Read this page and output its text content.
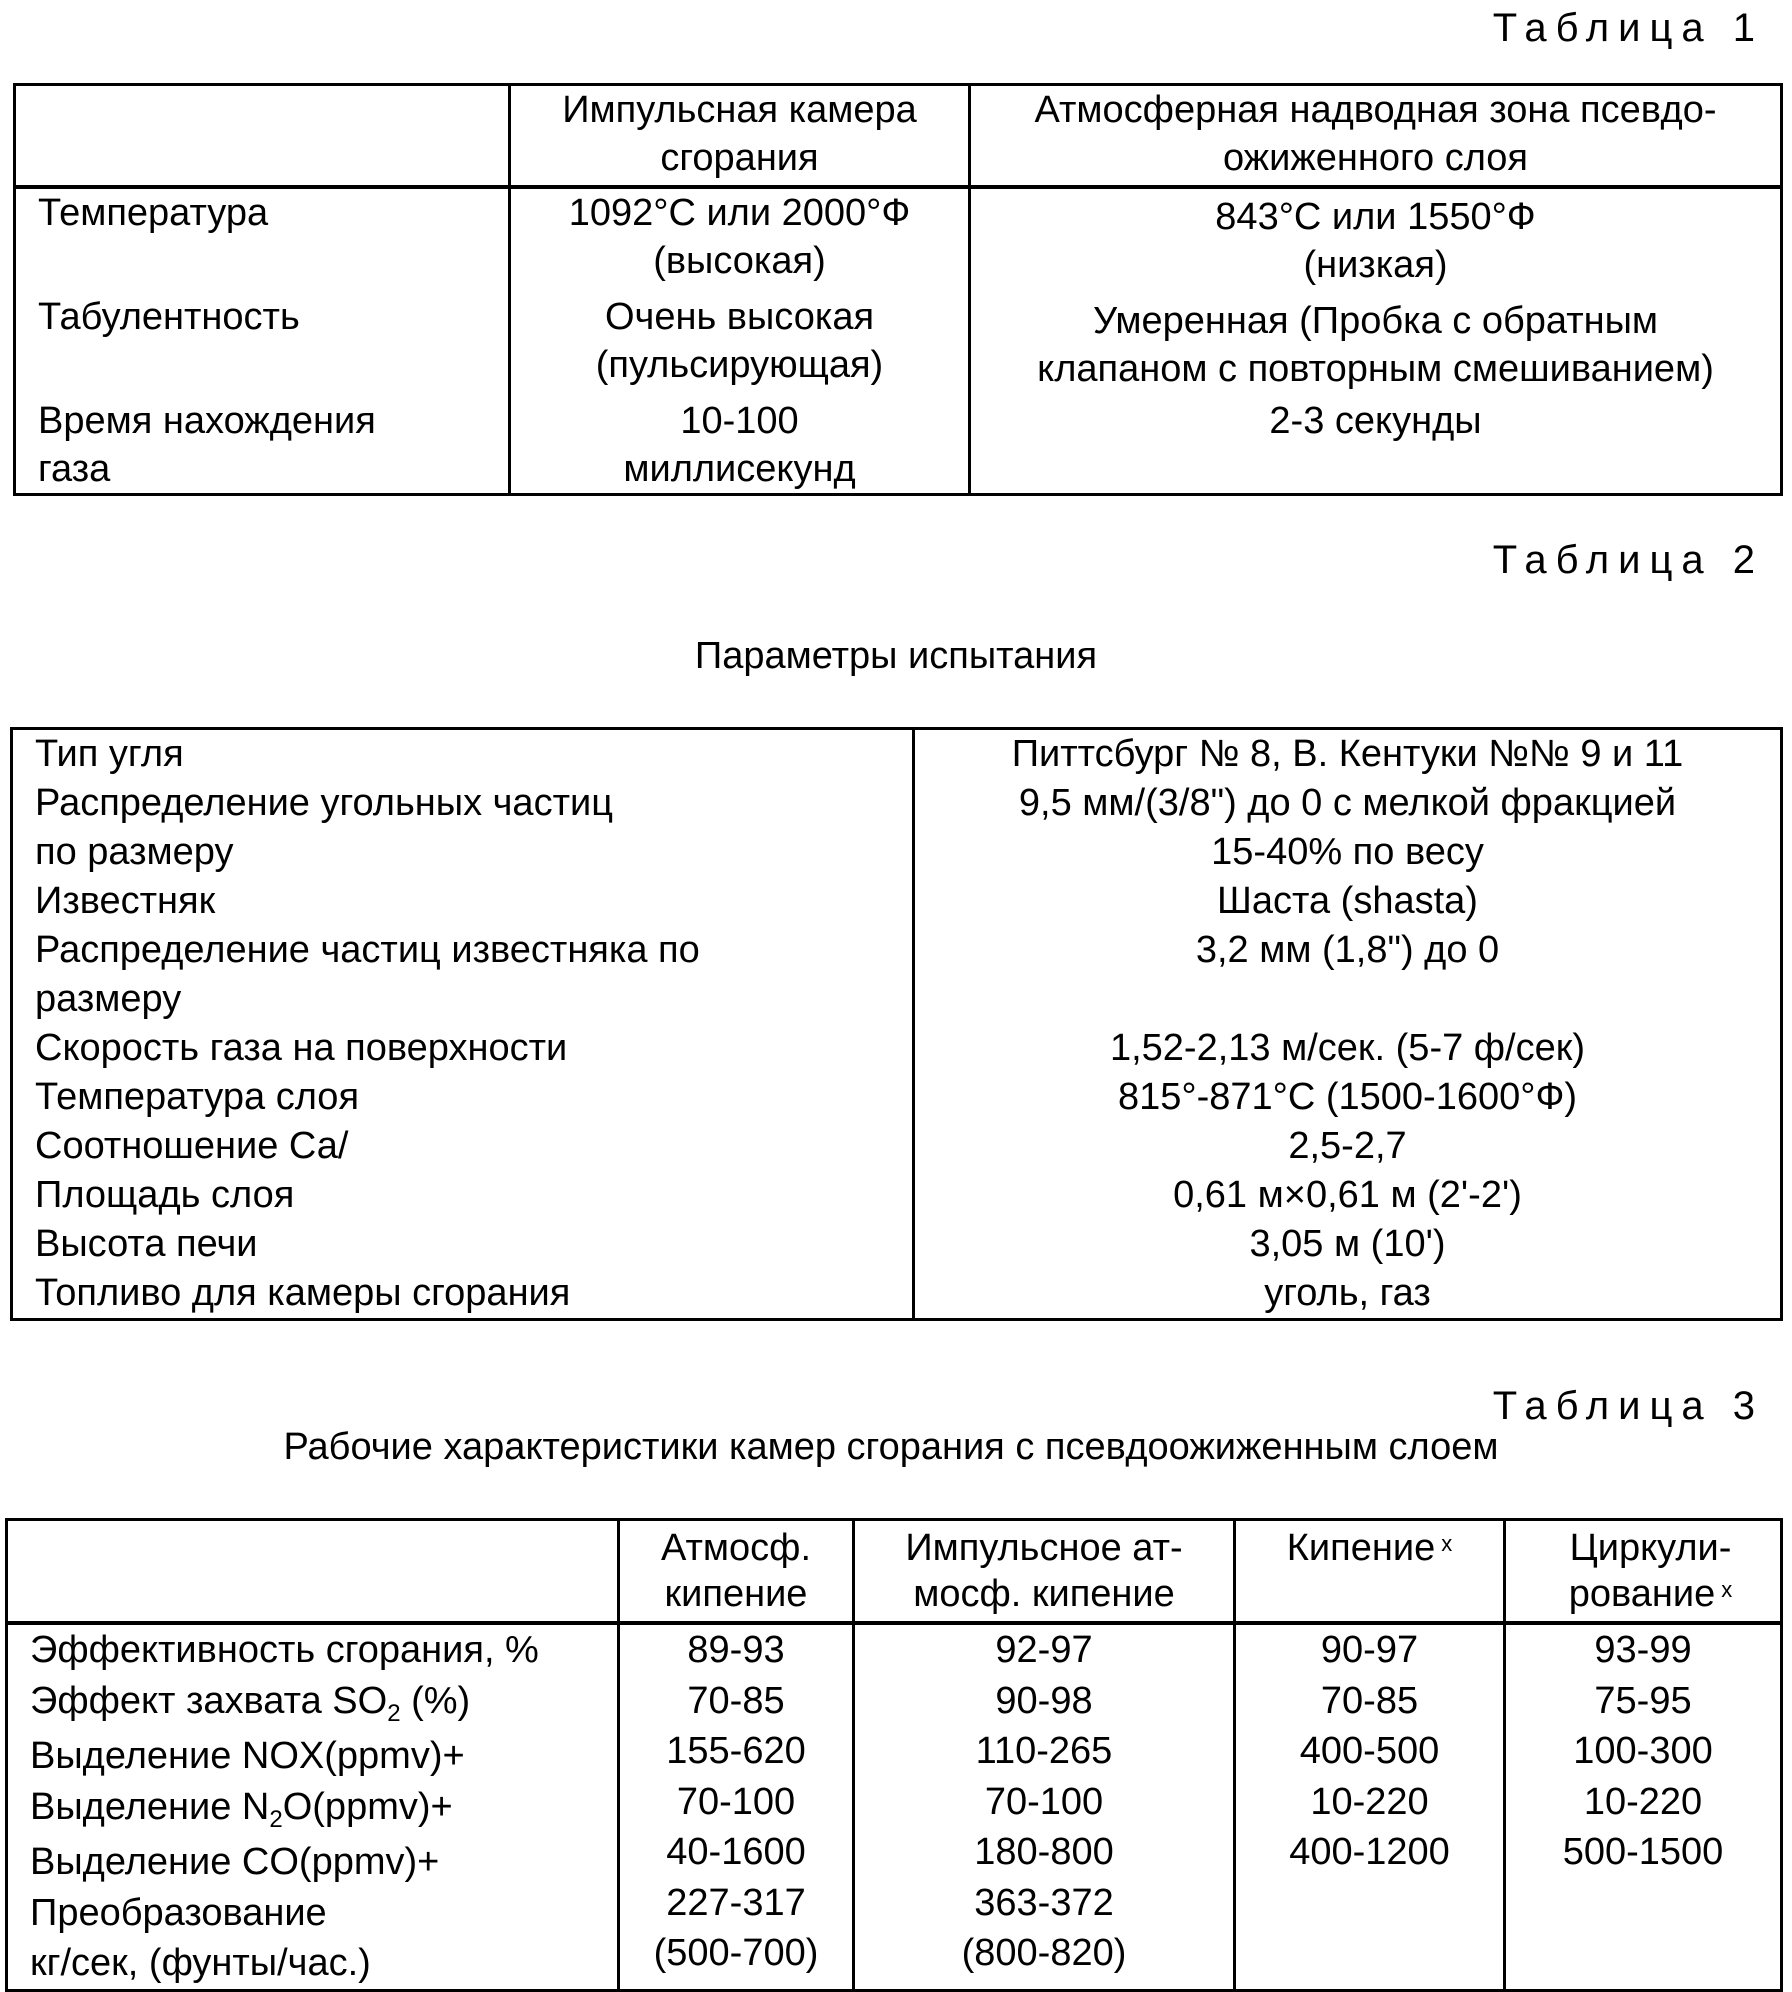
Таблица 1
	Импульсная камера сгорания	Атмосферная надводная зона псевдо-ожиженного слоя
Температура	1092°С или 2000°Ф
(высокая)

843°С или 1550°Ф
(низкая)

Табулентность	Очень высокая
(пульсирующая)

Умеренная (Пробка с обратным
клапаном с повторным смешиванием)

Время нахождения газа	
10-100
миллисекунд

2-3 секунды
Таблица 2
Параметры испытания
Тип угля	Питтсбург № 8, В. Кентуки №№ 9 и 11
Распределение угольных частиц	9,5 мм/(3/8") до 0 с мелкой фракцией
по размеру	15-40% по весу
Известняк	Шаста (shasta)
Распределение частиц известняка по	3,2 мм (1,8") до 0
размеру	
Скорость газа на поверхности	1,52-2,13 м/сек. (5-7 ф/сек)
Температура слоя	815°-871°С (1500-1600°Ф)
Соотношение Са/	2,5-2,7
Площадь слоя	0,61 м×0,61 м (2'-2')
Высота печи	3,05 м (10')
Топливо для камеры сгорания	уголь, газ
Таблица 3
Рабочие характеристики камер сгорания с псевдоожиженным слоем
	Атмосф. кипение	Импульсное ат-мосф. кипение	Кипение x	Циркули-рование x

Эффективность сгорания, %
Эффект захвата SO2 (%)
Выделение NOX(ppmv)+
Выделение N2O(ppmv)+
Выделение CO(ppmv)+
Преобразование
кг/сек, (фунты/час.)

89-93
70-85
155-620
70-100
40-1600
227-317
(500-700)

92-97
90-98
110-265
70-100
180-800
363-372
(800-820)

90-97
70-85
400-500
10-220
400-1200

93-99
75-95
100-300
10-220
500-1500
